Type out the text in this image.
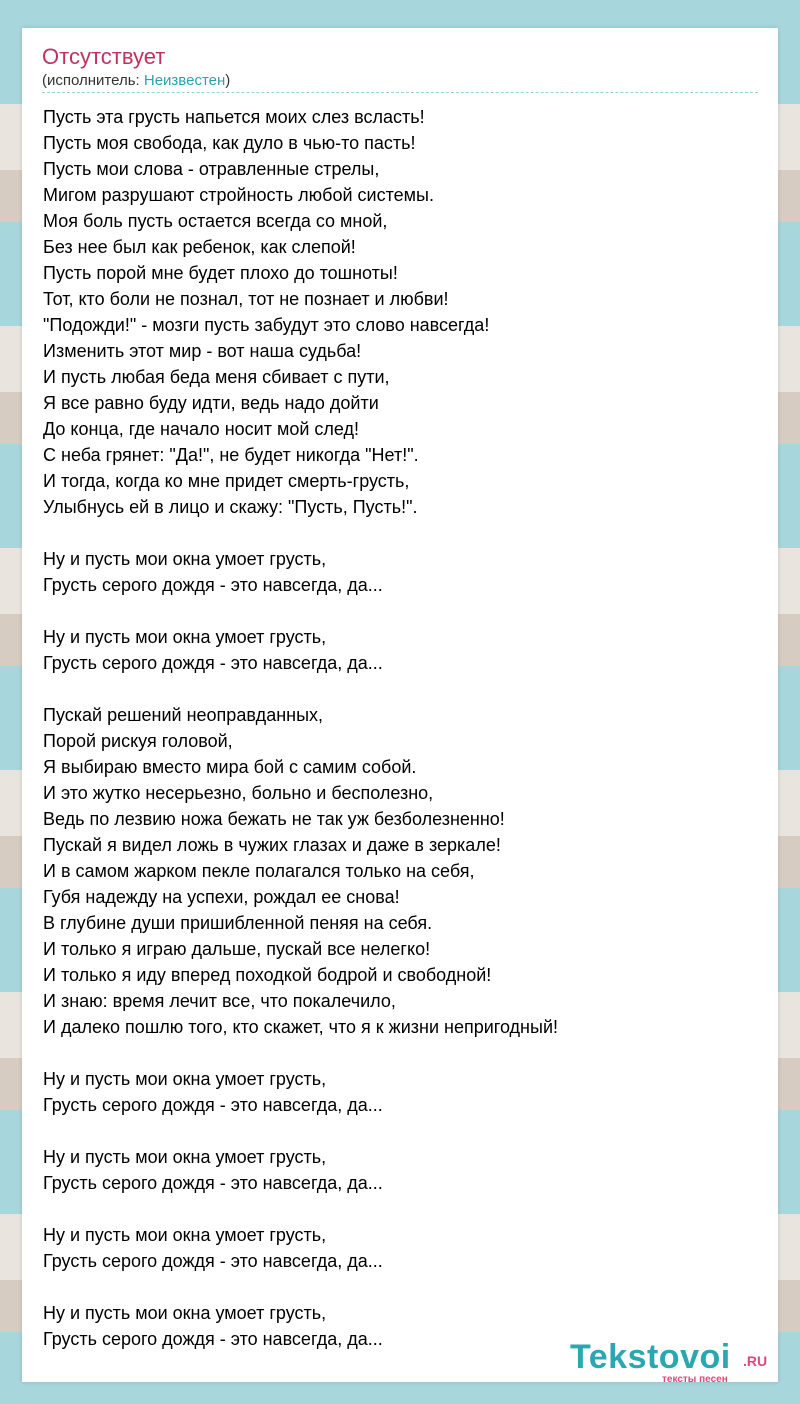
Отсутствует
(исполнитель: Неизвестен)
Пусть эта грусть напьется моих слез всласть!
Пусть моя свобода, как дуло в чью-то пасть!
Пусть мои слова - отравленные стрелы,
Мигом разрушают стройность любой системы.
Моя боль пусть остается всегда со мной,
Без нее был как ребенок, как слепой!
Пусть порой мне будет плохо до тошноты!
Тот, кто боли не познал, тот не познает и любви!
"Подожди!" - мозги пусть забудут это слово навсегда!
Изменить этот мир - вот наша судьба!
И пусть любая беда меня сбивает с пути,
Я все равно буду идти, ведь надо дойти
До конца, где начало носит мой след!
С неба грянет: "Да!", не будет никогда "Нет!".
И тогда, когда ко мне придет смерть-грусть,
Улыбнусь ей в лицо и скажу: "Пусть, Пусть!".
Ну и пусть мои окна умоет грусть,
Грусть серого дождя - это навсегда, да...
Ну и пусть мои окна умоет грусть,
Грусть серого дождя - это навсегда, да...
Пускай решений неоправданных,
Порой рискуя головой,
Я выбираю вместо мира бой с самим собой.
И это жутко несерьезно, больно и бесполезно,
Ведь по лезвию ножа бежать не так уж безболезненно!
Пускай я видел ложь в чужих глазах и даже в зеркале!
И в самом жарком пекле полагался только на себя,
Губя надежду на успехи, рождал ее снова!
В глубине души пришибленной пеняя на себя.
И только я играю дальше, пускай все нелегко!
И только я иду вперед походкой бодрой и свободной!
И знаю: время лечит все, что покалечило,
И далеко пошлю того, кто скажет, что я к жизни непригодный!
Ну и пусть мои окна умоет грусть,
Грусть серого дождя - это навсегда, да...
Ну и пусть мои окна умоет грусть,
Грусть серого дождя - это навсегда, да...
Ну и пусть мои окна умоет грусть,
Грусть серого дождя - это навсегда, да...
Ну и пусть мои окна умоет грусть,
Грусть серого дождя - это навсегда, да...	Tekstovoi .RU
тексты песен
